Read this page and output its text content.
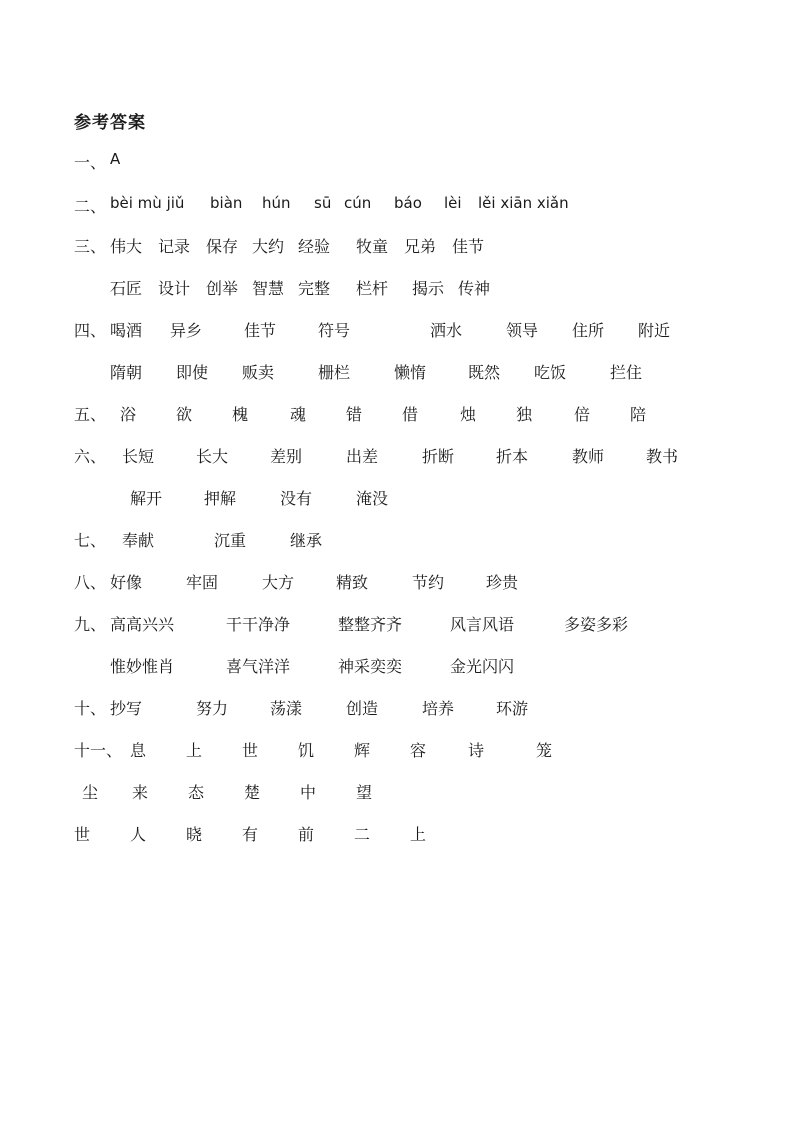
参考答案
一、 A
二、 bèi mù jiǔ biàn hún sū cún báo lèi lěi xiān xiǎn
三、 伟大 记录 保存 大约 经验 牧童 兄弟 佳节
石匠 设计 创举 智慧 完整 栏杆 揭示 传神
四、 喝酒 异乡	佳节	符号	洒水	领导 住所 附近
隋朝 即使 贩卖	栅栏	懒惰	既然 吃饭	拦住
五、 浴 欲 槐	魂 错 借	烛 独	倍 陪
六、 长短	长大	差别	出差	折断	折本	教师	教书
解开	押解	没有	淹没
七、 奉献	沉重	继承
八、 好像	牢固	大方	精致	节约	珍贵
九、 高高兴兴	干干净净	整整齐齐	风言风语	多姿多彩
惟妙惟肖	喜气洋洋	神采奕奕	金光闪闪
十、 抄写	努力	荡漾	创造	培养	环游
十一、 息 上 世 饥 辉 容	诗	笼
尘 来 态 楚 中 望
世 人 晓 有 前 二 上
